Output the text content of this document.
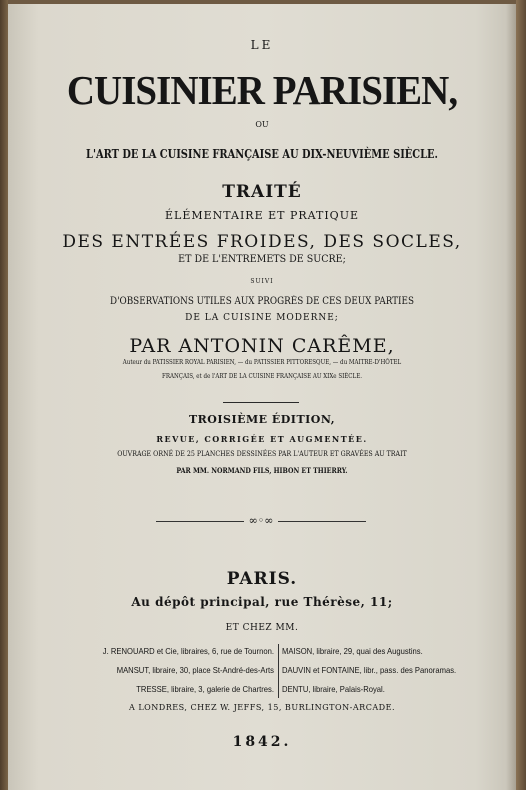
LE
CUISINIER PARISIEN,
OU
L'ART DE LA CUISINE FRANÇAISE AU DIX-NEUVIÈME SIÈCLE.
TRAITÉ
ÉLÉMENTAIRE ET PRATIQUE
DES ENTRÉES FROIDES, DES SOCLES,
ET DE L'ENTREMETS DE SUCRE;
SUIVI
D'OBSERVATIONS UTILES AUX PROGRÈS DE CES DEUX PARTIES
DE LA CUISINE MODERNE;
PAR ANTONIN CARÊME,
Auteur du PATISSIER ROYAL PARISIEN, — du PATISSIER PITTORESQUE, — du MAITRE-D'HÔTEL
FRANÇAIS, et de l'ART DE LA CUISINE FRANÇAISE AU XIXe SIÈCLE.
TROISIÈME ÉDITION,
REVUE, CORRIGÉE ET AUGMENTÉE.
OUVRAGE ORNÉ DE 25 PLANCHES DESSINÉES PAR L'AUTEUR ET GRAVÉES AU TRAIT
PAR MM. NORMAND FILS, HIBON ET THIERRY.
∞◦∞
PARIS.
Au dépôt principal, rue Thérèse, 11;
ET CHEZ MM.
J. RENOUARD et Cie, libraires, 6, rue de Tournon.
MANSUT, libraire, 30, place St-André-des-Arts
TRESSE, libraire, 3, galerie de Chartres.
MAISON, libraire, 29, quai des Augustins.
DAUVIN et FONTAINE, libr., pass. des Panoramas.
DENTU, libraire, Palais-Royal.
A LONDRES, CHEZ W. JEFFS, 15, BURLINGTON-ARCADE.
1842.
